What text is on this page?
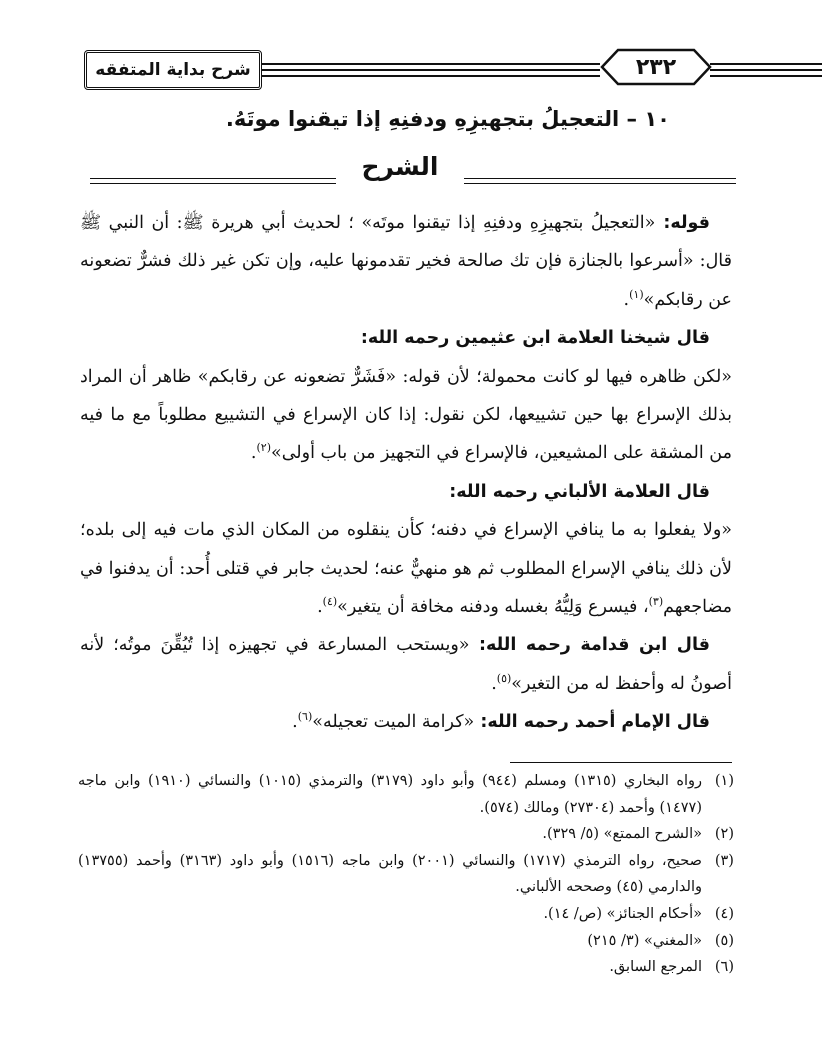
شرح بداية المتفقه	٢٣٢
١٠ – التعجيلُ بتجهيزِهِ ودفنِهِ إذا تيقنوا موتَهُ.
الشرح

قوله: «التعجيلُ بتجهيزِهِ ودفنِهِ إذا تيقنوا موتَه» ؛ لحديث أبي هريرة ﷺ: أن النبي ﷺ قال: «أسرعوا بالجنازة فإن تك صالحة فخير تقدمونها عليه، وإن تكن غير ذلك فشرٌّ تضعونه عن رقابكم»$^{(١)}$.

قال شيخنا العلامة ابن عثيمين رحمه الله:

«لكن ظاهره فيها لو كانت محمولة؛ لأن قوله: «فَشَرٌّ تضعونه عن رقابكم» ظاهر أن المراد بذلك الإسراع بها حين تشييعها، لكن نقول: إذا كان الإسراع في التشييع مطلوباً مع ما فيه من المشقة على المشيعين، فالإسراع في التجهيز من باب أولى»$^{(٢)}$.

قال العلامة الألباني رحمه الله:

«ولا يفعلوا به ما ينافي الإسراع في دفنه؛ كأن ينقلوه من المكان الذي مات فيه إلى بلده؛ لأن ذلك ينافي الإسراع المطلوب ثم هو منهيٌّ عنه؛ لحديث جابر في قتلى أُحد: أن يدفنوا في مضاجعهم$^{(٣)}$، فيسرع وَلِيُّهُ بغسله ودفنه مخافة أن يتغير»$^{(٤)}$.

قال ابن قدامة رحمه الله: «ويستحب المسارعة في تجهيزه إذا تُيُقِّنَ موتُه؛ لأنه أصونُ له وأحفظ له من التغير»$^{(٥)}$.

قال الإمام أحمد رحمه الله: «كرامة الميت تعجيله»$^{(٦)}$.

(١)رواه البخاري (١٣١٥) ومسلم (٩٤٤) وأبو داود (٣١٧٩) والترمذي (١٠١٥) والنسائي (١٩١٠) وابن ماجه (١٤٧٧) وأحمد (٢٧٣٠٤) ومالك (٥٧٤).

(٢)«الشرح الممتع» (٥/ ٣٢٩).

(٣)صحيح، رواه الترمذي (١٧١٧) والنسائي (٢٠٠١) وابن ماجه (١٥١٦) وأبو داود (٣١٦٣) وأحمد (١٣٧٥٥) والدارمي (٤٥) وصححه الألباني.

(٤)«أحكام الجنائز» (ص/ ١٤).

(٥)«المغني» (٣/ ٢١٥)

(٦)المرجع السابق.
